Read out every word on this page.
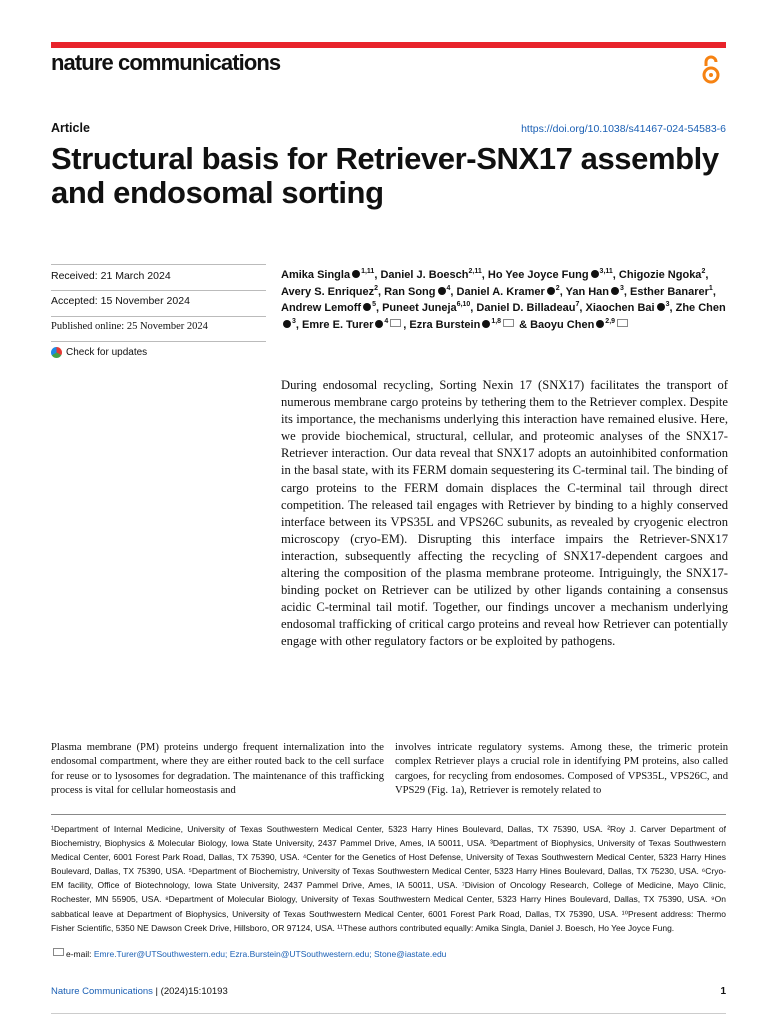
nature communications
Article	https://doi.org/10.1038/s41467-024-54583-6
Structural basis for Retriever-SNX17 assembly and endosomal sorting
Received: 21 March 2024
Accepted: 15 November 2024
Published online: 25 November 2024
Check for updates
Amika Singla $^{1,11}$, Daniel J. Boesch$^{2,11}$, Ho Yee Joyce Fung $^{3,11}$, Chigozie Ngoka$^2$, Avery S. Enriquez$^2$, Ran Song $^4$, Daniel A. Kramer $^2$, Yan Han $^3$, Esther Banarer$^1$, Andrew Lemoff $^5$, Puneet Juneja$^{6,10}$, Daniel D. Billadeau$^7$, Xiaochen Bai $^3$, Zhe Chen$^3$, Emre E. Turer $^4$ , Ezra Burstein $^{1,8}$ & Baoyu Chen $^{2,9}$

During endosomal recycling, Sorting Nexin 17 (SNX17) facilitates the transport of numerous membrane cargo proteins by tethering them to the Retriever complex. Despite its importance, the mechanisms underlying this interaction have remained elusive. Here, we provide biochemical, structural, cellular, and proteomic analyses of the SNX17-Retriever interaction. Our data reveal that SNX17 adopts an autoinhibited conformation in the basal state, with its FERM domain sequestering its C-terminal tail. The binding of cargo proteins to the FERM domain displaces the C-terminal tail through direct competition. The released tail engages with Retriever by binding to a highly conserved interface between its VPS35L and VPS26C subunits, as revealed by cryogenic electron microscopy (cryo-EM). Disrupting this interface impairs the Retriever-SNX17 interaction, subsequently affecting the recycling of SNX17-dependent cargoes and altering the composition of the plasma membrane proteome. Intriguingly, the SNX17-binding pocket on Retriever can be utilized by other ligands containing a consensus acidic C-terminal tail motif. Together, our findings uncover a mechanism underlying endosomal trafficking of critical cargo proteins and reveal how Retriever can potentially engage with other regulatory factors or be exploited by pathogens.

Plasma membrane (PM) proteins undergo frequent internalization into the endosomal compartment, where they are either routed back to the cell surface for reuse or to lysosomes for degradation. The maintenance of this trafficking process is vital for cellular homeostasis and

involves intricate regulatory systems. Among these, the trimeric protein complex Retriever plays a crucial role in identifying PM proteins, also called cargoes, for recycling from endosomes. Composed of VPS35L, VPS26C, and VPS29 (Fig. 1a), Retriever is remotely related to

¹Department of Internal Medicine, University of Texas Southwestern Medical Center, 5323 Harry Hines Boulevard, Dallas, TX 75390, USA. ²Roy J. Carver Department of Biochemistry, Biophysics & Molecular Biology, Iowa State University, 2437 Pammel Drive, Ames, IA 50011, USA. ³Department of Biophysics, University of Texas Southwestern Medical Center, 6001 Forest Park Road, Dallas, TX 75390, USA. ⁴Center for the Genetics of Host Defense, University of Texas Southwestern Medical Center, 5323 Harry Hines Boulevard, Dallas, TX 75390, USA. ⁵Department of Biochemistry, University of Texas Southwestern Medical Center, 5323 Harry Hines Boulevard, Dallas, TX 75230, USA. ⁶Cryo-EM facility, Office of Biotechnology, Iowa State University, 2437 Pammel Drive, Ames, IA 50011, USA. ⁷Division of Oncology Research, College of Medicine, Mayo Clinic, Rochester, MN 55905, USA. ⁸Department of Molecular Biology, University of Texas Southwestern Medical Center, 5323 Harry Hines Boulevard, Dallas, TX 75390, USA. ⁹On sabbatical leave at Department of Biophysics, University of Texas Southwestern Medical Center, 6001 Forest Park Road, Dallas, TX 75390, USA. ¹⁰Present address: Thermo Fisher Scientific, 5350 NE Dawson Creek Drive, Hillsboro, OR 97124, USA. ¹¹These authors contributed equally: Amika Singla, Daniel J. Boesch, Ho Yee Joyce Fung.

e-mail: Emre.Turer@UTSouthwestern.edu; Ezra.Burstein@UTSouthwestern.edu; Stone@iastate.edu
Nature Communications | (2024)15:10193	1
